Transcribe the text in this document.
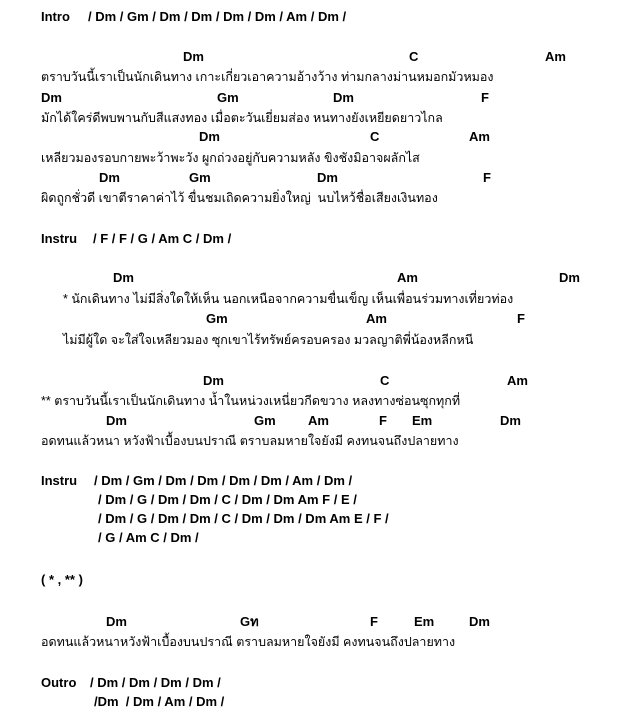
Intro / Dm / Gm / Dm / Dm / Dm / Dm / Am / Dm /
Dm	C	Am
ตราบวันนี้เราเป็นนักเดินทาง เกาะเกี่ยวเอาความอ้างว้าง ท่ามกลางม่านหมอกมัวหมอง
Dm	Gm	Dm	F
มักได้ใคร่ดีพบพานกับสีแสงทอง เมื่อตะวันเยี่ยมส่อง หนทางยังเหยียดยาวไกล
Dm	C	Am
เหลียวมองรอบกายพะว้าพะวัง ผูกถ่วงอยู่กับความหลัง ขิงชังมิอาจผลักไส
Dm	Gm	Dm	F
ผิดถูกชั่วดี เขาตีราคาค่าไว้ ขื่นชมเถิดความยิ่งใหญ่  นบไหว้ชื่อเสียงเงินทอง
Instru / F / F / G / Am C / Dm /
Dm	Am	Dm
* นักเดินทาง ไม่มีสิ่งใดให้เห็น นอกเหนือจากความขื่นเข็ญ เห็นเพื่อนร่วมทางเที่ยวท่อง
Gm	Am	F
ไม่มีผู้ใด จะใส่ใจเหลียวมอง ซุกเขาไร้ทรัพย์ครอบครอง มวลญาติพี่น้องหลีกหนี
Dm	C	Am
** ตราบวันนี้เราเป็นนักเดินทาง น้ำในหน่วงเหนี่ยวกีดขวาง หลงทางซ่อนซุกทุกที่
Dm	Gm Am	F Em	Dm
อดทนแล้วหนา หวังฟ้าเบื้องบนปราณี ตราบลมหายใจยังมี คงทนจนถึงปลายทาง
Instru / Dm / Gm / Dm / Dm / Dm / Dm / Am / Dm /
/ Dm / G / Dm / Dm / C / Dm / Dm Am F / E /
/ Dm / G / Dm / Dm / C / Dm / Dm / Dm Am E / F /
/ G / Am C / Dm /
( * , ** )
Dm	Gท	F	Em	Dm
อดทนแล้วหนาหวังฟ้าเบื้องบนปราณี ตราบลมหายใจยังมี คงทนจนถึงปลายทาง
Outro / Dm / Dm / Dm / Dm /
/Dm  / Dm / Am / Dm /
